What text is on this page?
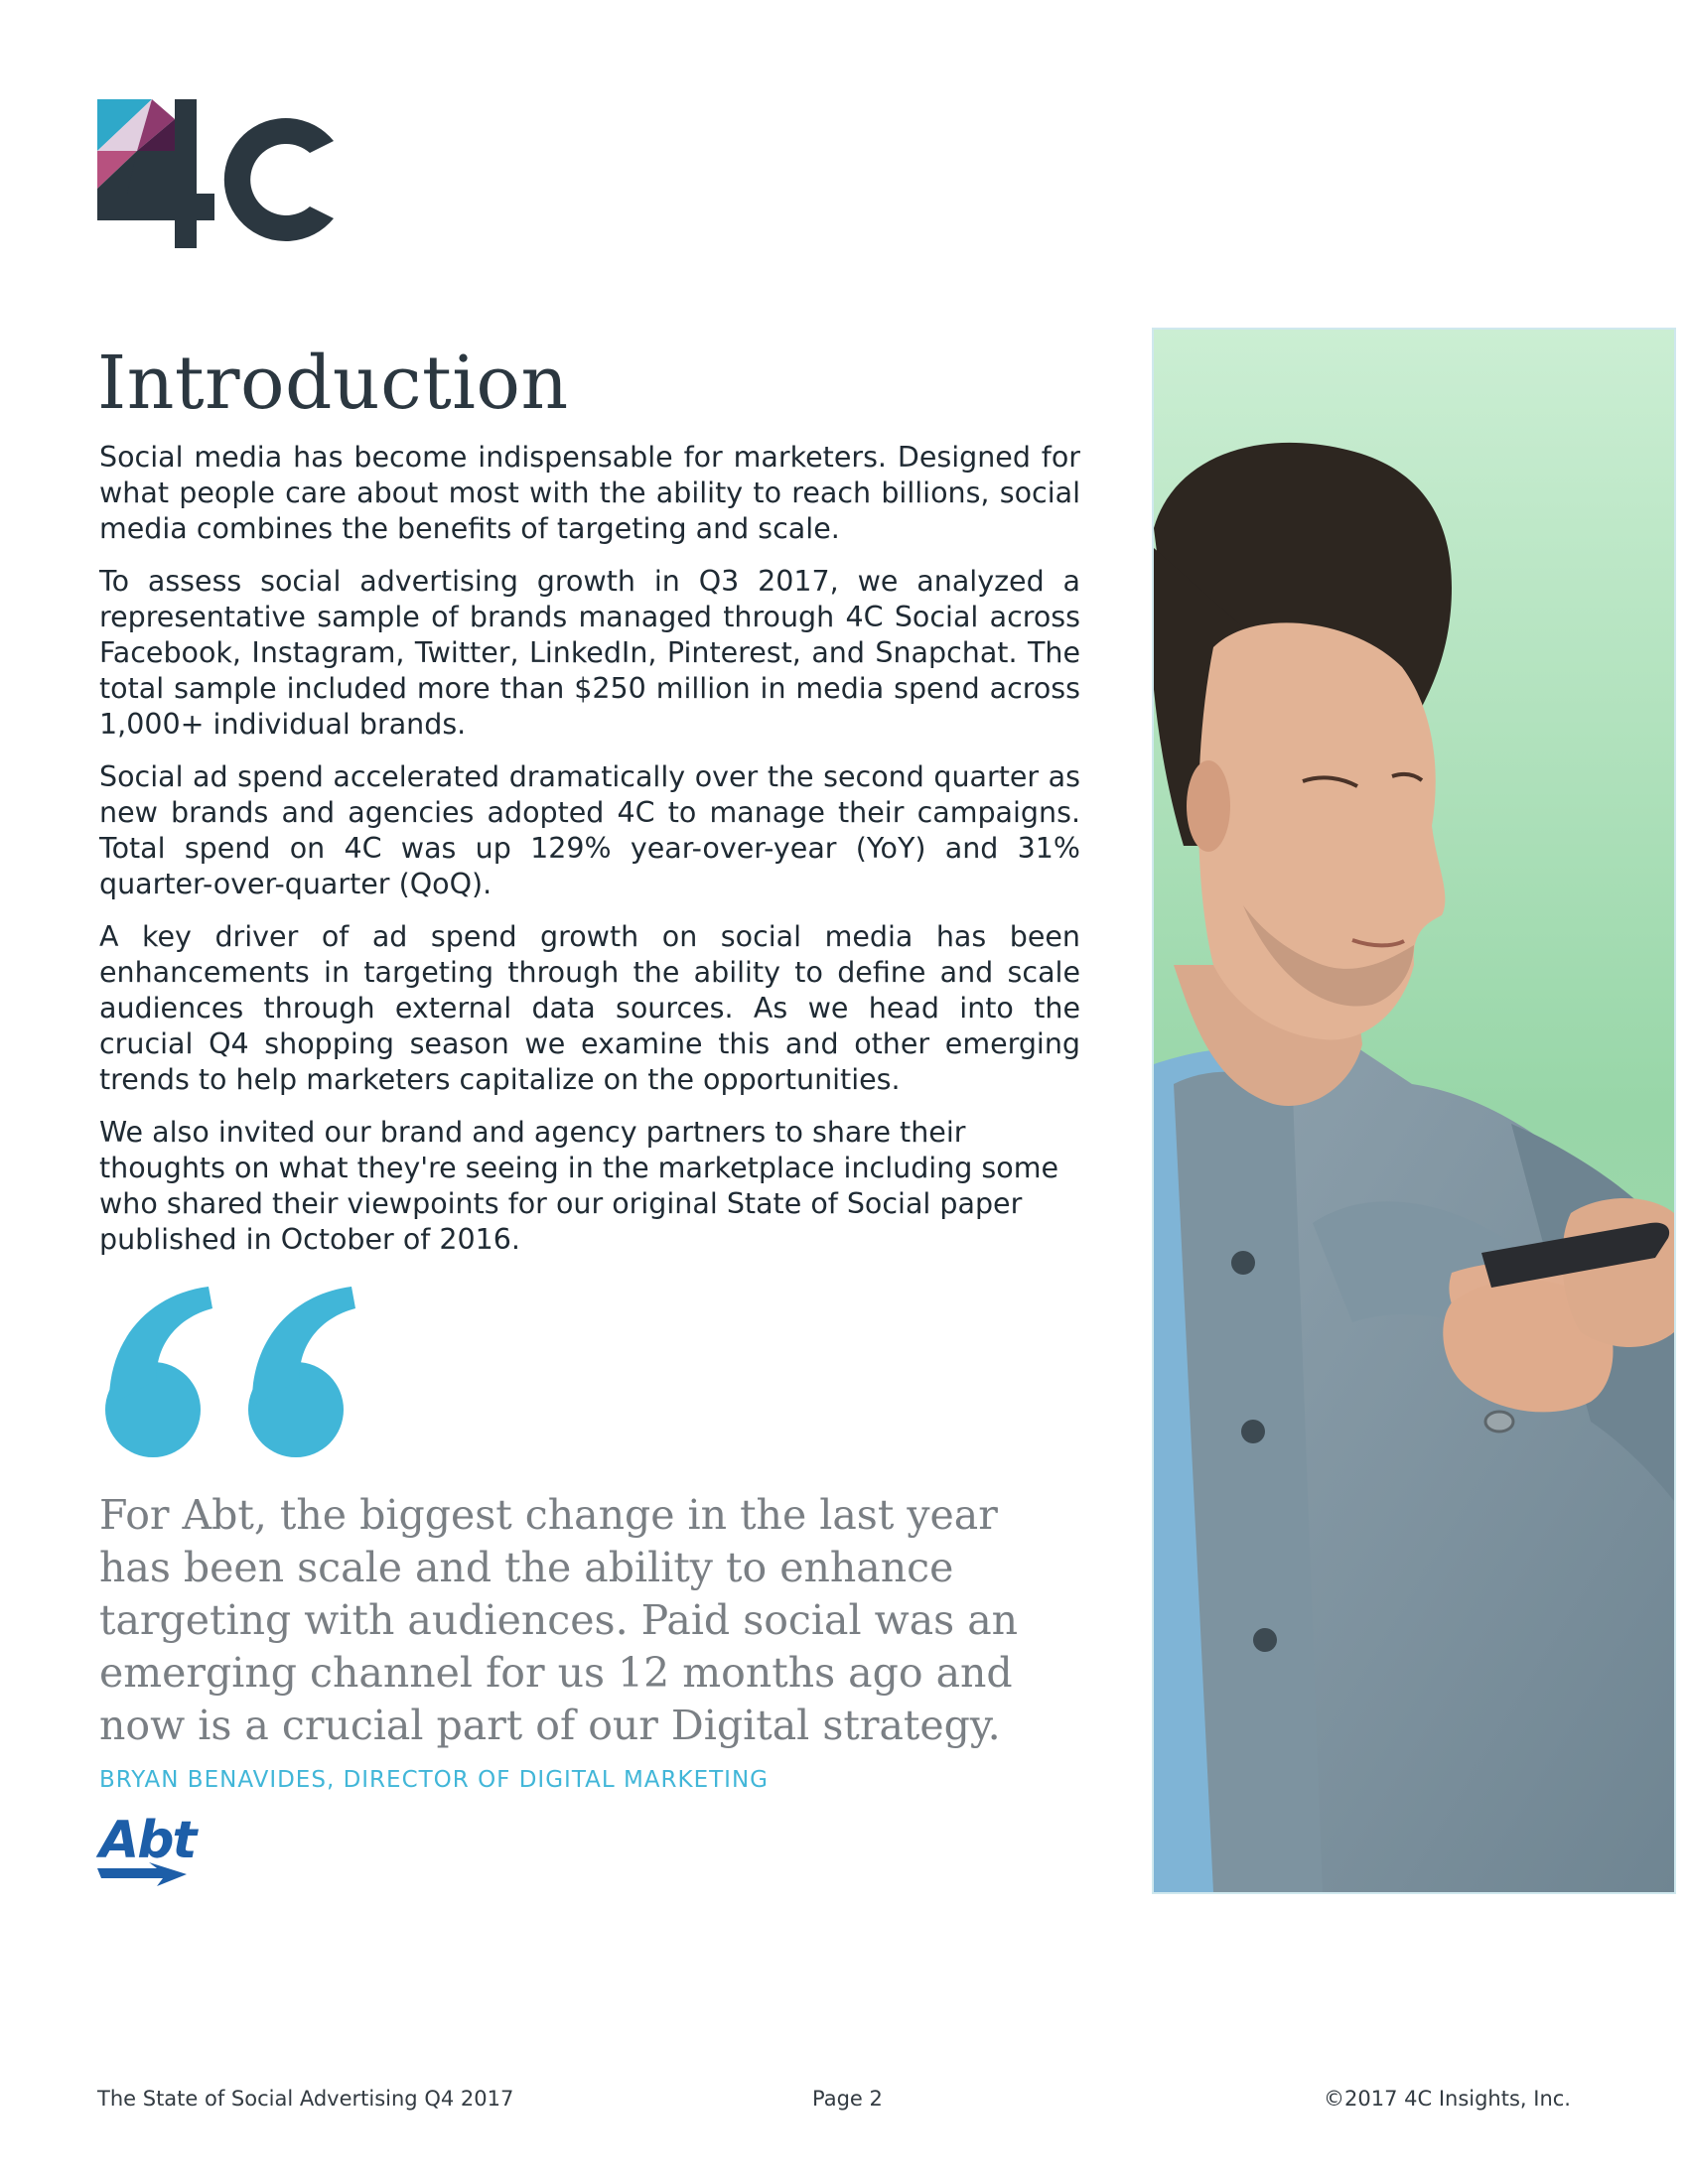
Introduction

Social media has become indispensable for marketers. Designed for what people care about most with the ability to reach billions, social media combines the benefits of targeting and scale.

To assess social advertising growth in Q3 2017, we analyzed a representative sample of brands managed through 4C Social across Facebook, Instagram, Twitter, LinkedIn, Pinterest, and Snapchat. The total sample included more than $250 million in media spend across 1,000+ individual brands.

Social ad spend accelerated dramatically over the second quarter as new brands and agencies adopted 4C to manage their campaigns. Total spend on 4C was up 129% year-over-year (YoY) and 31% quarter-over-quarter (QoQ).

A key driver of ad spend growth on social media has been enhancements in targeting through the ability to define and scale audiences through external data sources. As we head into the crucial Q4 shopping season we examine this and other emerging trends to help marketers capitalize on the opportunities.

We also invited our brand and agency partners to share their thoughts on what they're seeing in the marketplace including some who shared their viewpoints for our original State of Social paper published in October of 2016.

For Abt, the biggest change in the last year has been scale and the ability to enhance targeting with audiences. Paid social was an emerging channel for us 12 months ago and now is a crucial part of our Digital strategy.

BRYAN BENAVIDES, DIRECTOR OF DIGITAL MARKETING
Abt
The State of Social Advertising Q4 2017	Page 2	©2017 4C Insights, Inc.
